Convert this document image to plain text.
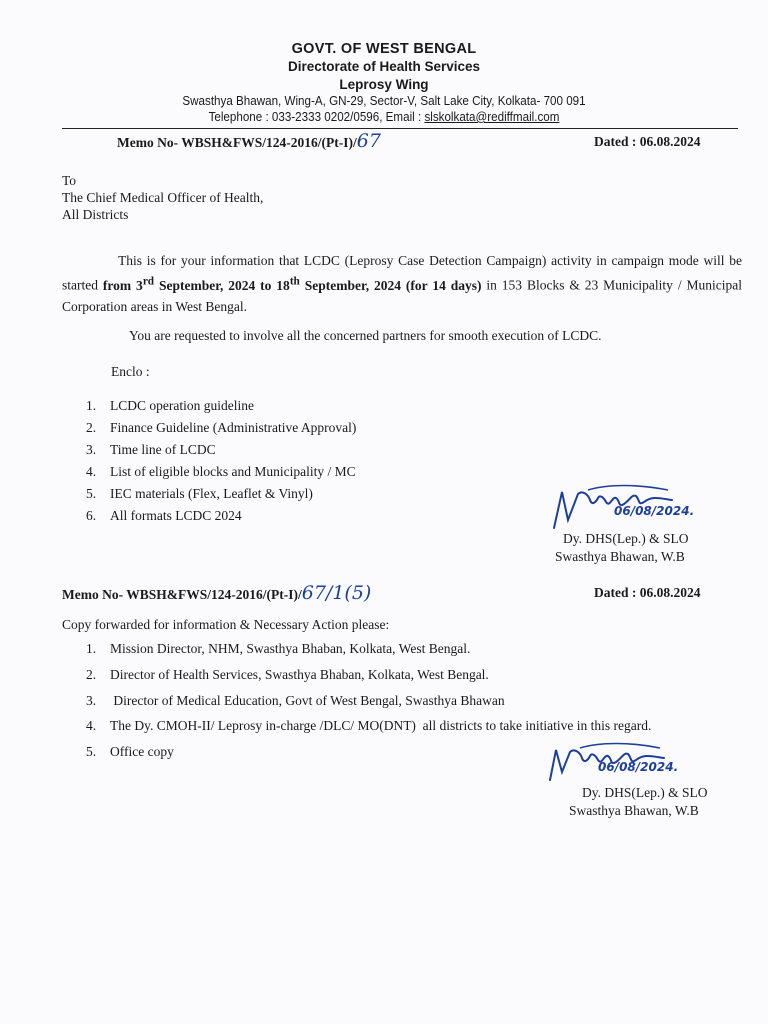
GOVT. OF WEST BENGAL
Directorate of Health Services
Leprosy Wing
Swasthya Bhawan, Wing-A, GN-29, Sector-V, Salt Lake City, Kolkata- 700 091
Telephone : 033-2333 0202/0596, Email : slskolkata@rediffmail.com
Memo No- WBSH&FWS/124-2016/(Pt-I)/67	Dated : 06.08.2024
To
The Chief Medical Officer of Health,
All Districts
This is for your information that LCDC (Leprosy Case Detection Campaign) activity in campaign mode will be started from 3rd September, 2024 to 18th September, 2024 (for 14 days) in 153 Blocks & 23 Municipality / Municipal Corporation areas in West Bengal.
You are requested to involve all the concerned partners for smooth execution of LCDC.
Enclo :
1. LCDC operation guideline
2. Finance Guideline (Administrative Approval)
3. Time line of LCDC
4. List of eligible blocks and Municipality / MC
5. IEC materials (Flex, Leaflet & Vinyl)
6. All formats LCDC 2024	06/08/2024.
Dy. DHS(Lep.) & SLO
Swasthya Bhawan, W.B
Memo No- WBSH&FWS/124-2016/(Pt-I)/67/1(5)	Dated : 06.08.2024
Copy forwarded for information & Necessary Action please:
1. Mission Director, NHM, Swasthya Bhaban, Kolkata, West Bengal.
2. Director of Health Services, Swasthya Bhaban, Kolkata, West Bengal.
3. Director of Medical Education, Govt of West Bengal, Swasthya Bhawan
4. The Dy. CMOH-II/ Leprosy in-charge /DLC/ MO(DNT)  all districts to take initiative in this regard.
5. Office copy
06/08/2024.
Dy. DHS(Lep.) & SLO
Swasthya Bhawan, W.B
